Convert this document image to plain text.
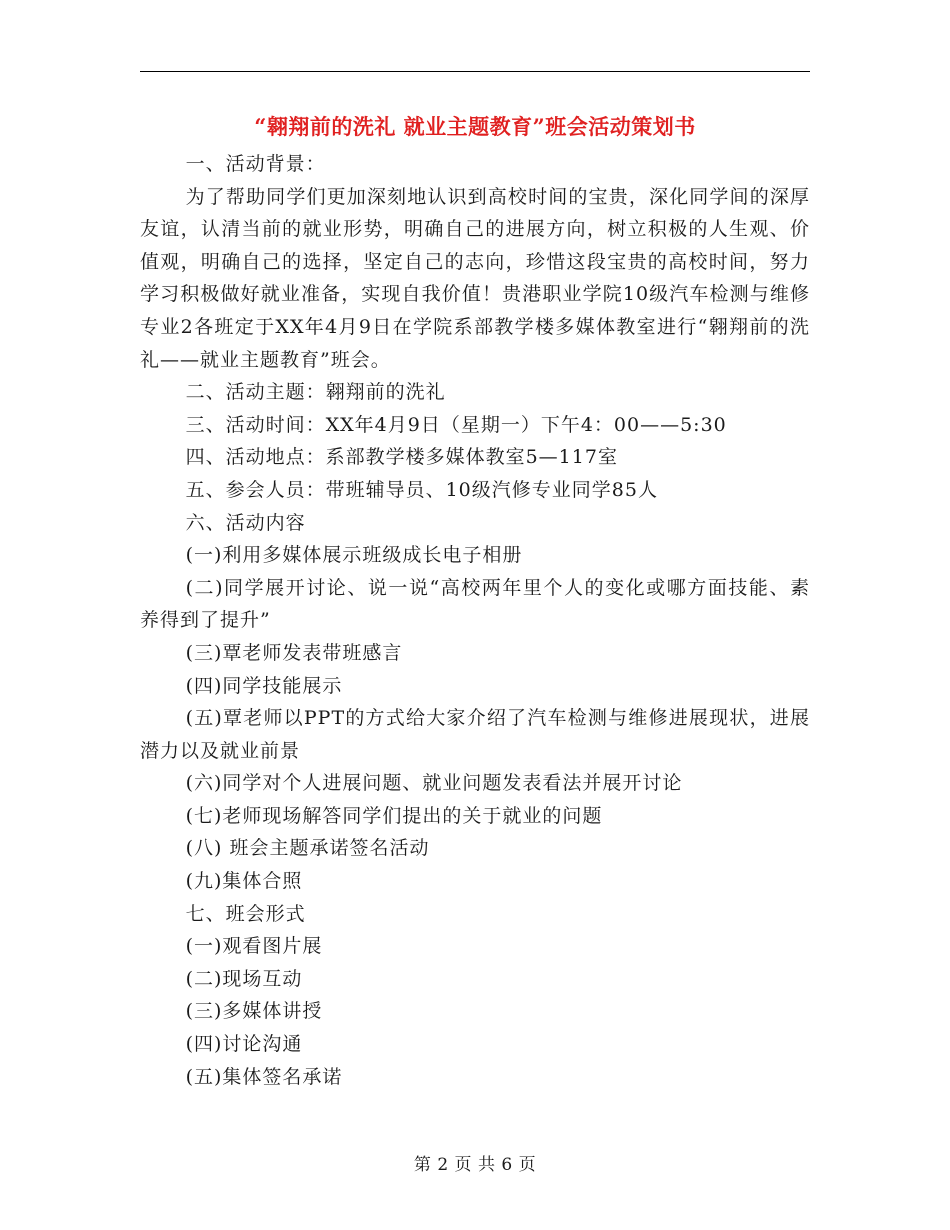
“翱翔前的洗礼 就业主题教育”班会活动策划书

一、活动背景：

为了帮助同学们更加深刻地认识到高校时间的宝贵，深化同学间的深厚友谊，认清当前的就业形势，明确自己的进展方向，树立积极的人生观、价值观，明确自己的选择，坚定自己的志向，珍惜这段宝贵的高校时间，努力学习积极做好就业准备，实现自我价值！贵港职业学院10级汽车检测与维修专业2各班定于XX年4月9日在学院系部教学楼多媒体教室进行“翱翔前的洗礼——就业主题教育”班会。

二、活动主题：翱翔前的洗礼

三、活动时间：XX年4月9日（星期一）下午4：00——5:30

四、活动地点：系部教学楼多媒体教室5—117室

五、参会人员：带班辅导员、10级汽修专业同学85人

六、活动内容

(一)利用多媒体展示班级成长电子相册

(二)同学展开讨论、说一说“高校两年里个人的变化或哪方面技能、素养得到了提升”

(三)覃老师发表带班感言

(四)同学技能展示

(五)覃老师以PPT的方式给大家介绍了汽车检测与维修进展现状，进展潜力以及就业前景

(六)同学对个人进展问题、就业问题发表看法并展开讨论

(七)老师现场解答同学们提出的关于就业的问题

(八) 班会主题承诺签名活动

(九)集体合照

七、班会形式

(一)观看图片展

(二)现场互动

(三)多媒体讲授

(四)讨论沟通

(五)集体签名承诺

第 2 页 共 6 页
